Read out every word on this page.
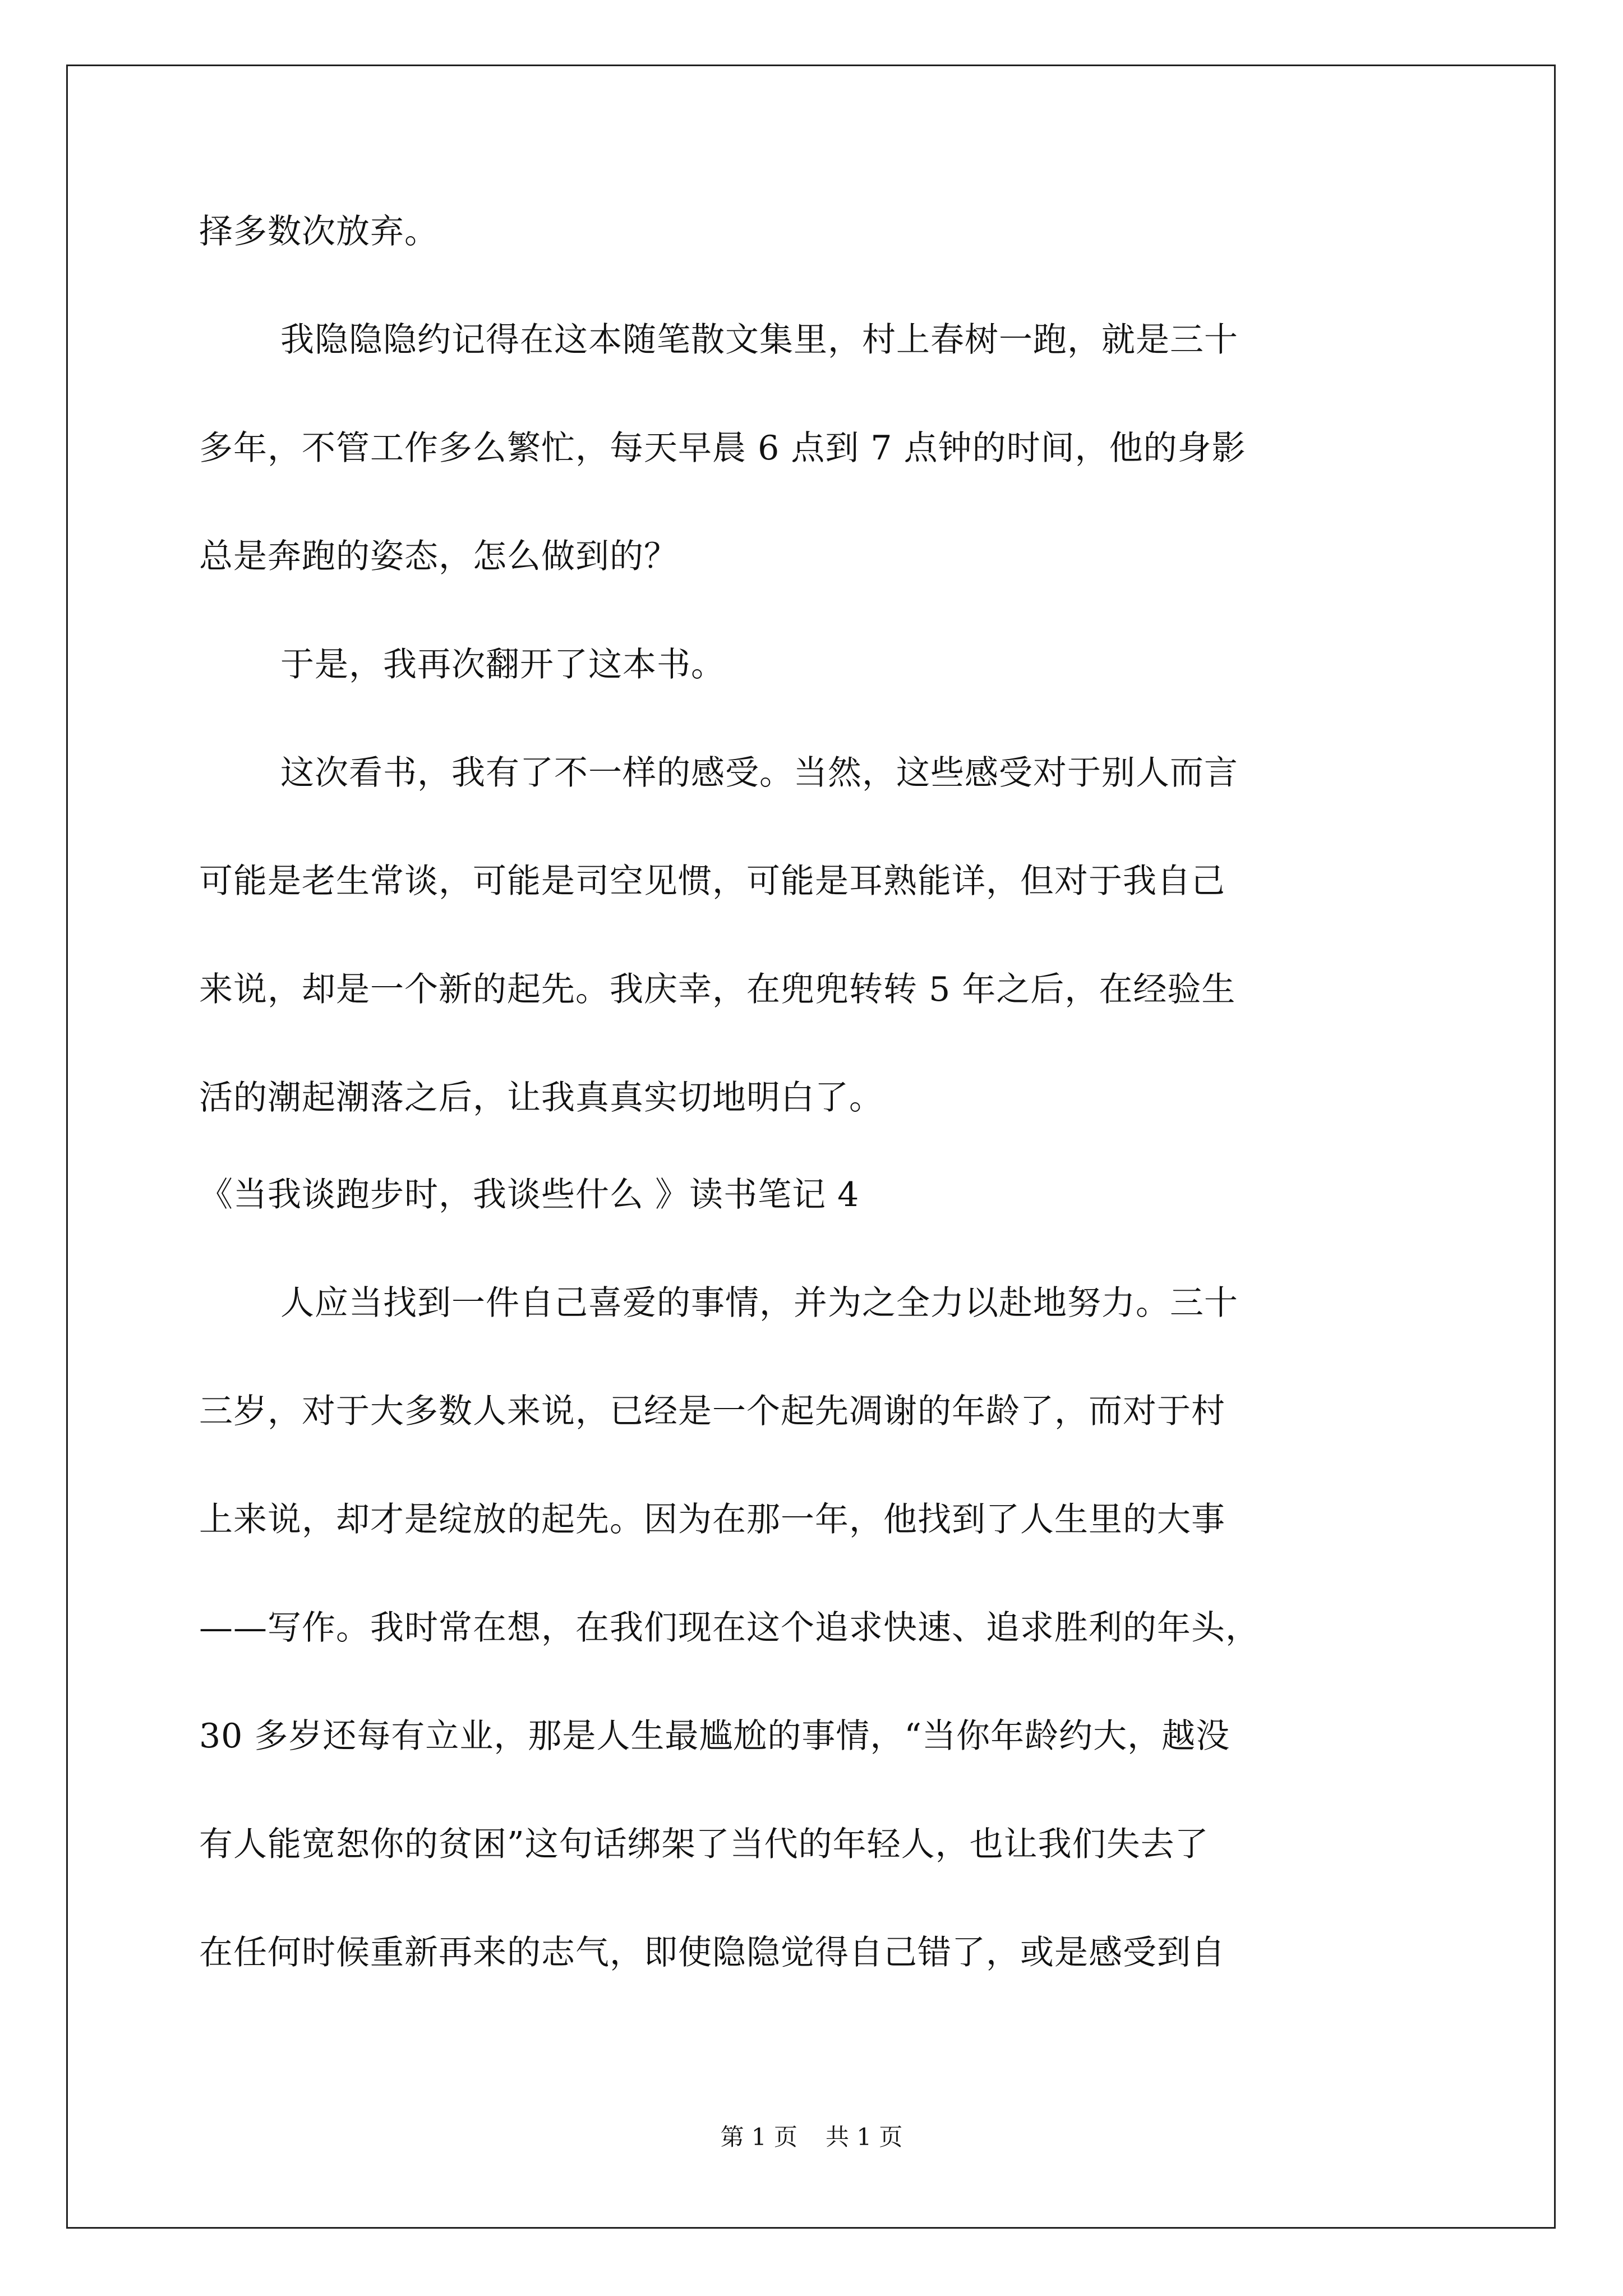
择多数次放弃。
我隐隐隐约记得在这本随笔散文集里，村上春树一跑，就是三十
多年，不管工作多么繁忙，每天早晨 6 点到 7 点钟的时间，他的身影
总是奔跑的姿态，怎么做到的？
于是，我再次翻开了这本书。
这次看书，我有了不一样的感受。当然，这些感受对于别人而言
可能是老生常谈，可能是司空见惯，可能是耳熟能详，但对于我自己
来说，却是一个新的起先。我庆幸，在兜兜转转 5 年之后，在经验生
活的潮起潮落之后，让我真真实切地明白了。
《当我谈跑步时，我谈些什么 》读书笔记 4
人应当找到一件自己喜爱的事情，并为之全力以赴地努力。三十
三岁，对于大多数人来说，已经是一个起先凋谢的年龄了，而对于村
上来说，却才是绽放的起先。因为在那一年，他找到了人生里的大事
——写作。我时常在想，在我们现在这个追求快速、追求胜利的年头，
30 多岁还每有立业，那是人生最尴尬的事情，“当你年龄约大，越没
有人能宽恕你的贫困”这句话绑架了当代的年轻人，也让我们失去了
在任何时候重新再来的志气，即使隐隐觉得自己错了，或是感受到自
第 1 页 共 1 页
